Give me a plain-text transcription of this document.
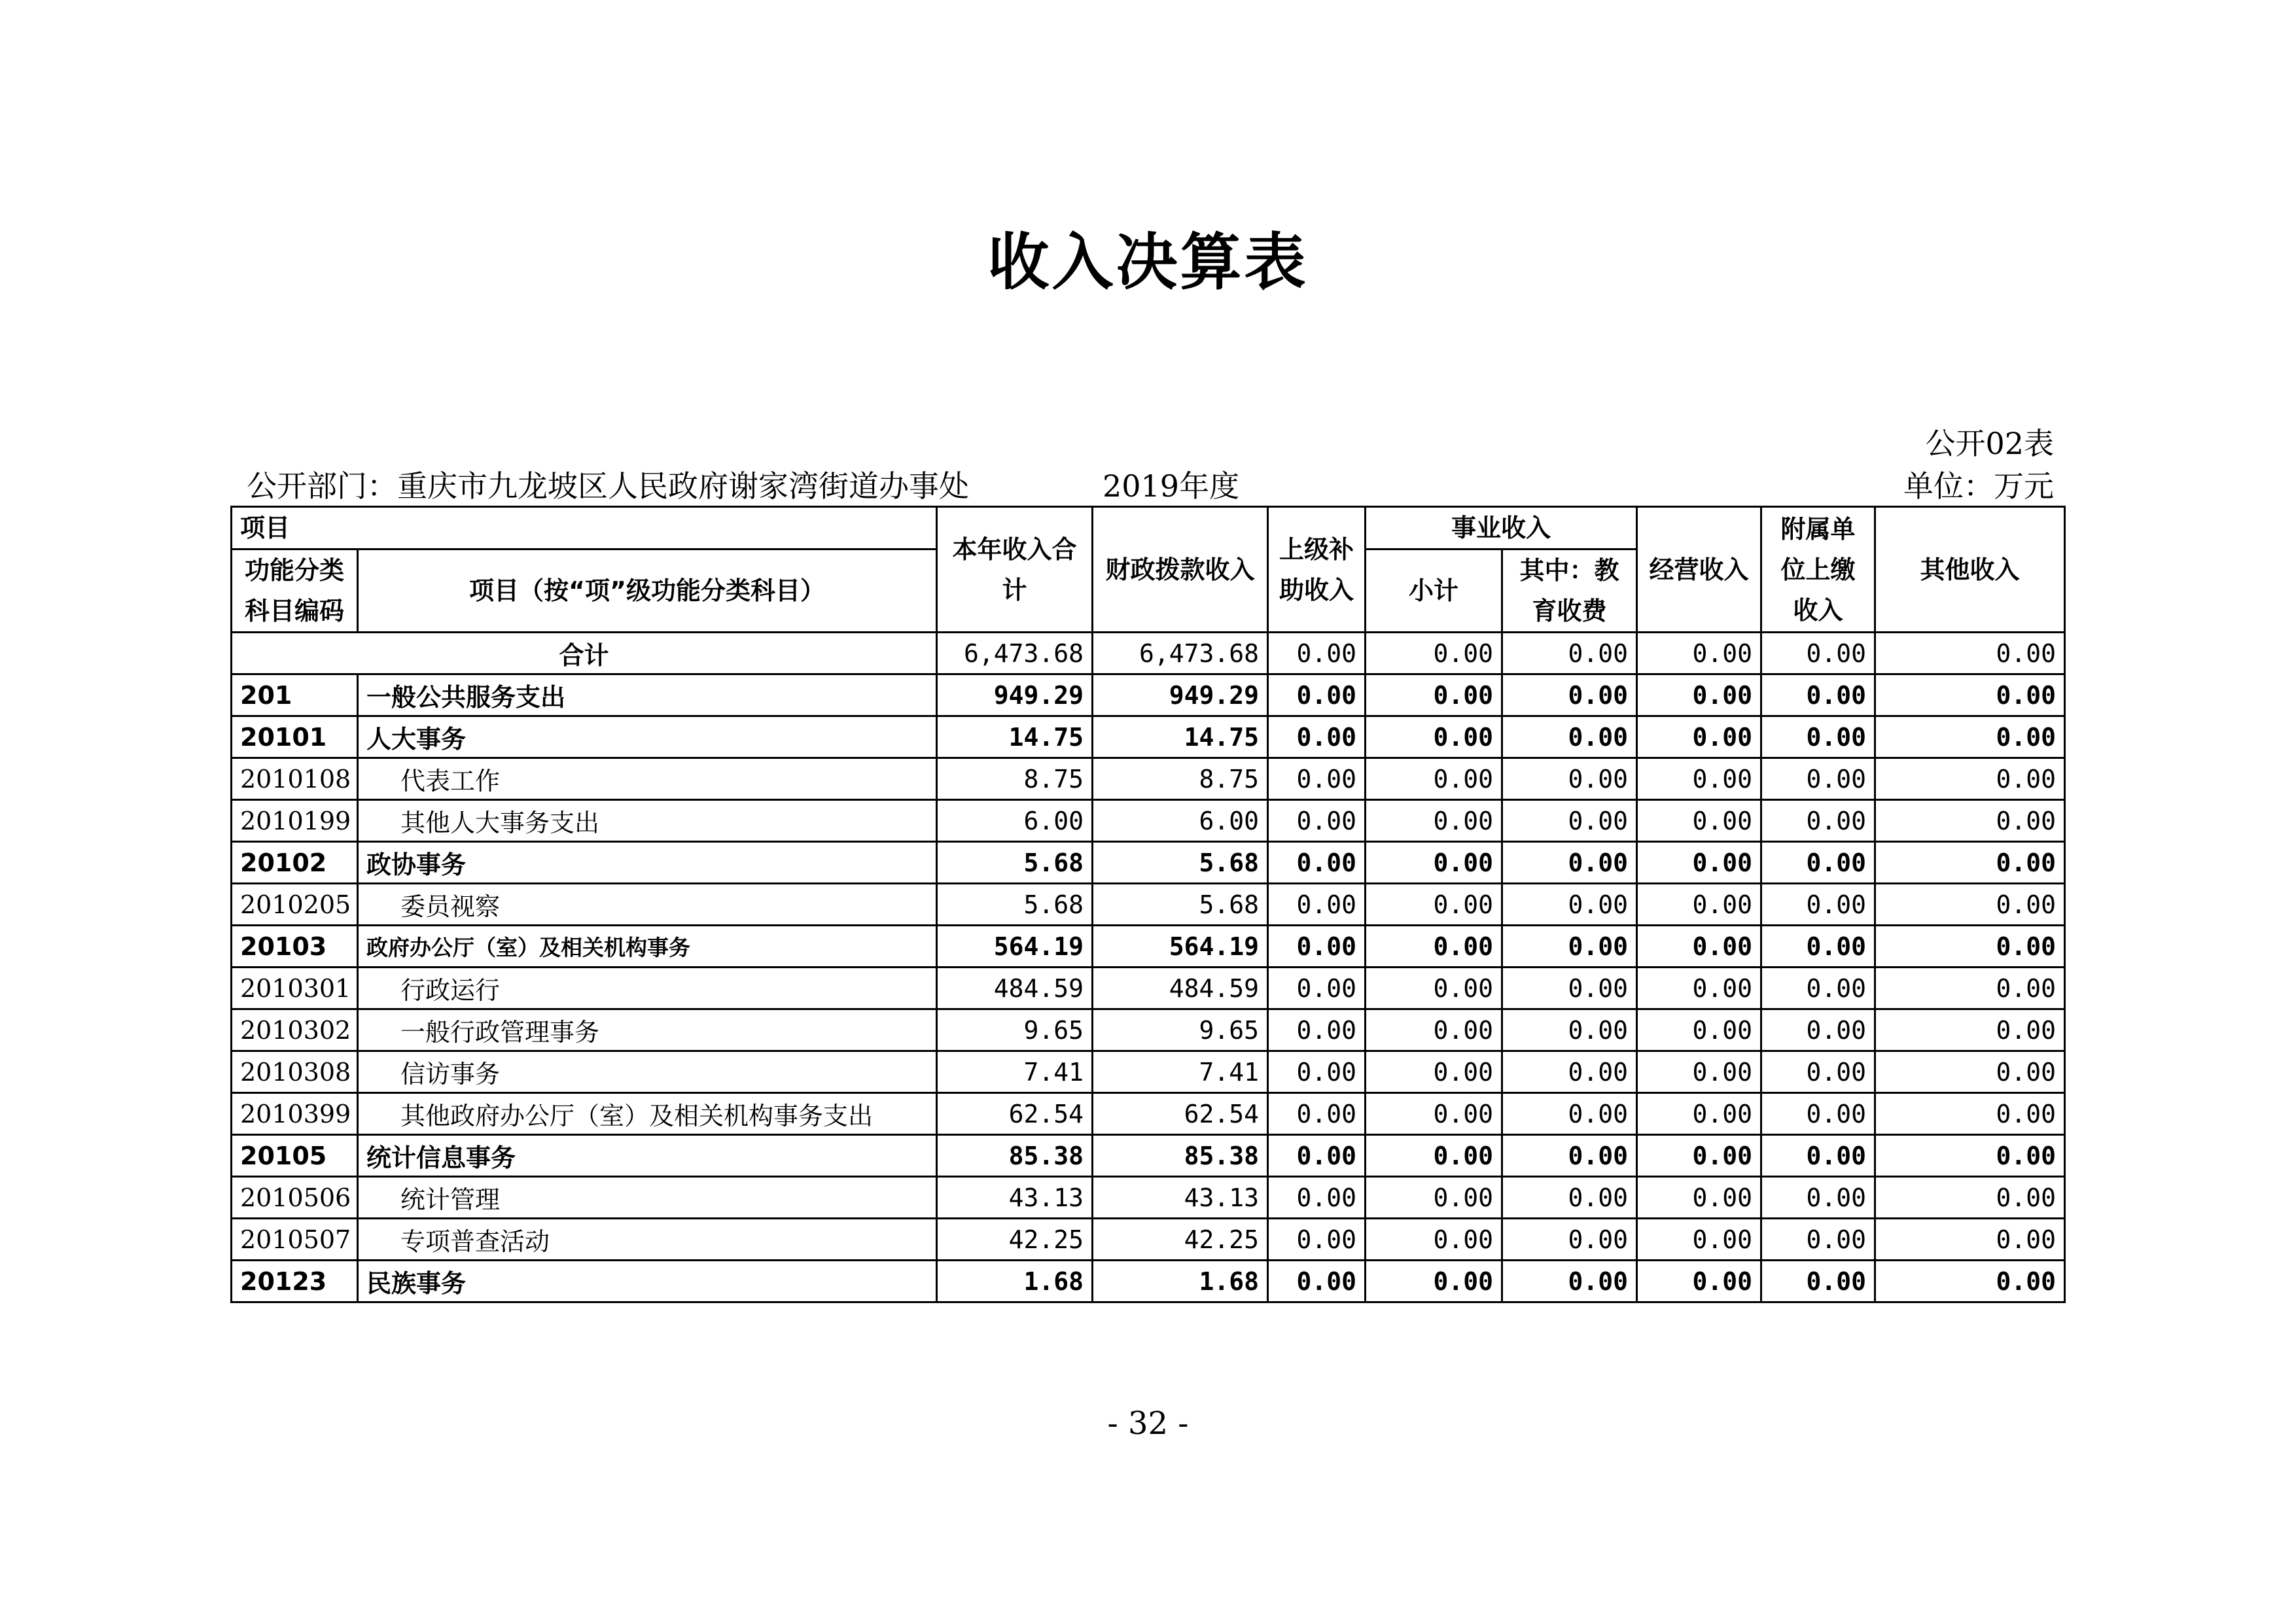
收入决算表
公开02表
公开部门：重庆市九龙坡区人民政府谢家湾街道办事处	2019年度	单位：万元
项目		本年收入合计	财政拨款收入	上级补助收入	事业收入		经营收入	附属单位上缴收入	其他收入
功能分类科目编码	项目（按“项”级功能分类科目）				小计	其中：教育收费			

合计		6,473.68	6,473.68	0.00	0.00	0.00	0.00	0.00	0.00
201	一般公共服务支出	949.29	949.29	0.00	0.00	0.00	0.00	0.00	0.00
20101	人大事务	14.75	14.75	0.00	0.00	0.00	0.00	0.00	0.00
2010108	代表工作	8.75	8.75	0.00	0.00	0.00	0.00	0.00	0.00
2010199	其他人大事务支出	6.00	6.00	0.00	0.00	0.00	0.00	0.00	0.00
20102	政协事务	5.68	5.68	0.00	0.00	0.00	0.00	0.00	0.00
2010205	委员视察	5.68	5.68	0.00	0.00	0.00	0.00	0.00	0.00
20103	政府办公厅（室）及相关机构事务	564.19	564.19	0.00	0.00	0.00	0.00	0.00	0.00
2010301	行政运行	484.59	484.59	0.00	0.00	0.00	0.00	0.00	0.00
2010302	一般行政管理事务	9.65	9.65	0.00	0.00	0.00	0.00	0.00	0.00
2010308	信访事务	7.41	7.41	0.00	0.00	0.00	0.00	0.00	0.00
2010399	其他政府办公厅（室）及相关机构事务支出	62.54	62.54	0.00	0.00	0.00	0.00	0.00	0.00
20105	统计信息事务	85.38	85.38	0.00	0.00	0.00	0.00	0.00	0.00
2010506	统计管理	43.13	43.13	0.00	0.00	0.00	0.00	0.00	0.00
2010507	专项普查活动	42.25	42.25	0.00	0.00	0.00	0.00	0.00	0.00
20123	民族事务	1.68	1.68	0.00	0.00	0.00	0.00	0.00	0.00
- 32 -
